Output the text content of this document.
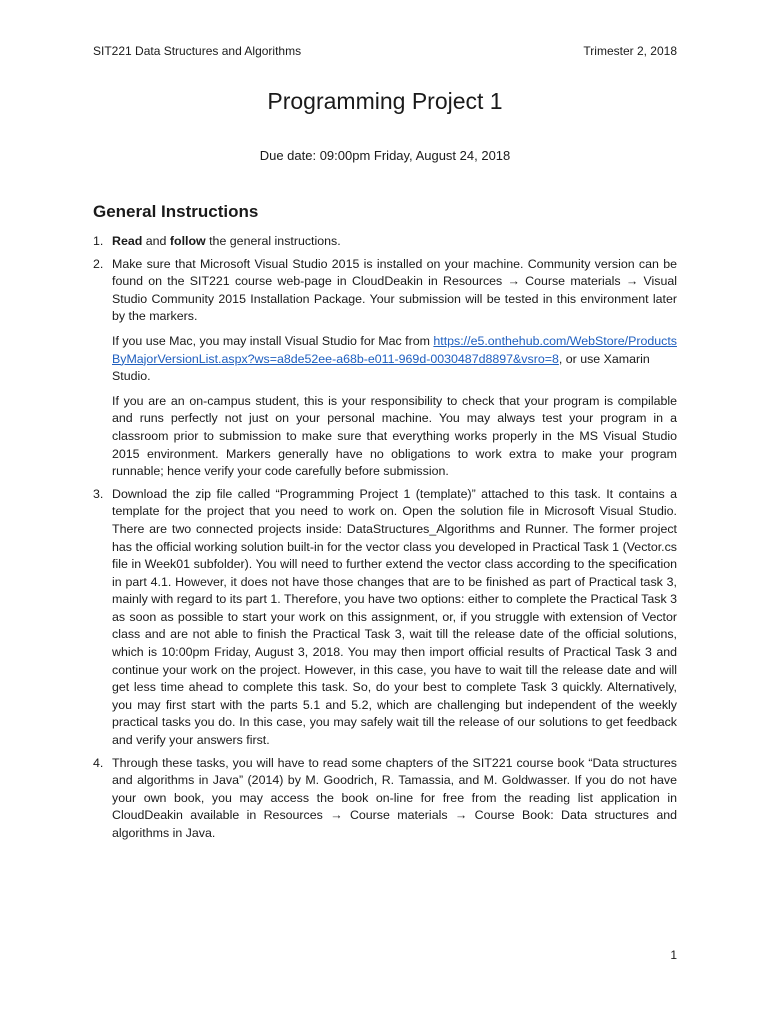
SIT221 Data Structures and Algorithms	Trimester 2, 2018
Programming Project 1
Due date: 09:00pm Friday, August 24, 2018
General Instructions
1. Read and follow the general instructions.

2. Make sure that Microsoft Visual Studio 2015 is installed on your machine. Community version can be found on the SIT221 course web-page in CloudDeakin in Resources → Course materials → Visual Studio Community 2015 Installation Package. Your submission will be tested in this environment later by the markers.

If you use Mac, you may install Visual Studio for Mac from https://e5.onthehub.com/WebStore/ProductsByMajorVersionList.aspx?ws=a8de52ee-a68b-e011-969d-0030487d8897&vsro=8, or use Xamarin Studio.

If you are an on-campus student, this is your responsibility to check that your program is compilable and runs perfectly not just on your personal machine. You may always test your program in a classroom prior to submission to make sure that everything works properly in the MS Visual Studio 2015 environment. Markers generally have no obligations to work extra to make your program runnable; hence verify your code carefully before submission.

3. Download the zip file called “Programming Project 1 (template)” attached to this task. It contains a template for the project that you need to work on. Open the solution file in Microsoft Visual Studio. There are two connected projects inside: DataStructures_Algorithms and Runner. The former project has the official working solution built-in for the vector class you developed in Practical Task 1 (Vector.cs file in Week01 subfolder). You will need to further extend the vector class according to the specification in part 4.1. However, it does not have those changes that are to be finished as part of Practical task 3, mainly with regard to its part 1. Therefore, you have two options: either to complete the Practical Task 3 as soon as possible to start your work on this assignment, or, if you struggle with extension of Vector class and are not able to finish the Practical Task 3, wait till the release date of the official solutions, which is 10:00pm Friday, August 3, 2018. You may then import official results of Practical Task 3 and continue your work on the project. However, in this case, you have to wait till the release date and will get less time ahead to complete this task. So, do your best to complete Task 3 quickly. Alternatively, you may first start with the parts 5.1 and 5.2, which are challenging but independent of the weekly practical tasks you do. In this case, you may safely wait till the release of our solutions to get feedback and verify your answers first.

4. Through these tasks, you will have to read some chapters of the SIT221 course book “Data structures and algorithms in Java” (2014) by M. Goodrich, R. Tamassia, and M. Goldwasser. If you do not have your own book, you may access the book on-line for free from the reading list application in CloudDeakin available in Resources → Course materials → Course Book: Data structures and algorithms in Java.

1
